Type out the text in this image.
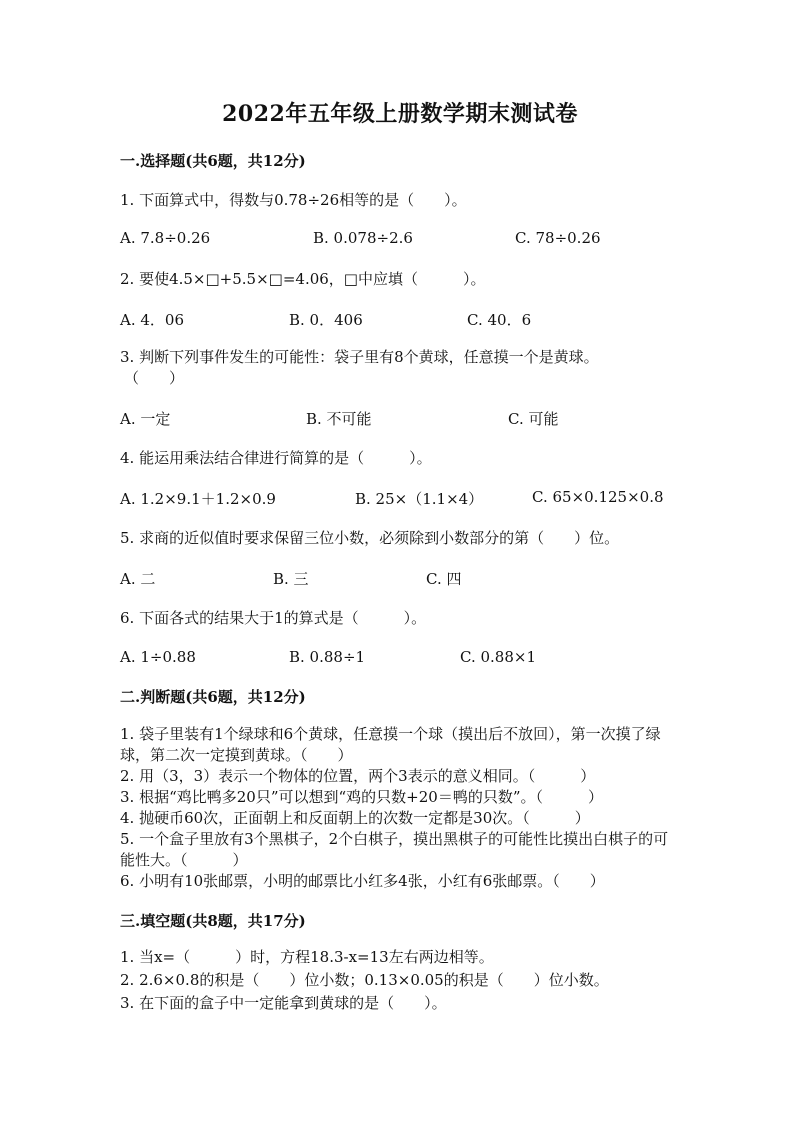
2022年五年级上册数学期末测试卷
一.选择题(共6题，共12分)
1. 下面算式中，得数与0.78÷26相等的是（　　）。
A. 7.8÷0.26	B. 0.078÷2.6	C. 78÷0.26
2. 要使4.5×□+5.5×□=4.06，□中应填（　　　）。
A. 4．06	B. 0．406	C. 40．6
3. 判断下列事件发生的可能性：袋子里有8个黄球，任意摸一个是黄球。
（　　）
A. 一定	B. 不可能	C. 可能
4. 能运用乘法结合律进行简算的是（　　　）。
A. 1.2×9.1＋1.2×0.9	B. 25×（1.1×4）	C. 65×0.125×0.8
5. 求商的近似值时要求保留三位小数，必须除到小数部分的第（　　）位。
A. 二	B. 三	C. 四
6. 下面各式的结果大于1的算式是（　　　）。
A. 1÷0.88	B. 0.88÷1	C. 0.88×1
二.判断题(共6题，共12分)
1. 袋子里装有1个绿球和6个黄球，任意摸一个球（摸出后不放回），第一次摸了绿球，第二次一定摸到黄球。（　　）
2. 用（3，3）表示一个物体的位置，两个3表示的意义相同。（　　　）
3. 根据“鸡比鸭多20只”可以想到“鸡的只数+20＝鸭的只数”。（　　　）
4. 抛硬币60次，正面朝上和反面朝上的次数一定都是30次。（　　　）
5. 一个盒子里放有3个黑棋子，2个白棋子，摸出黑棋子的可能性比摸出白棋子的可能性大。（　　　）
6. 小明有10张邮票，小明的邮票比小红多4张，小红有6张邮票。（　　）
三.填空题(共8题，共17分)
1. 当x=（　　　）时，方程18.3-x=13左右两边相等。
2. 2.6×0.8的积是（　　）位小数；0.13×0.05的积是（　　）位小数。
3. 在下面的盒子中一定能拿到黄球的是（　　）。
